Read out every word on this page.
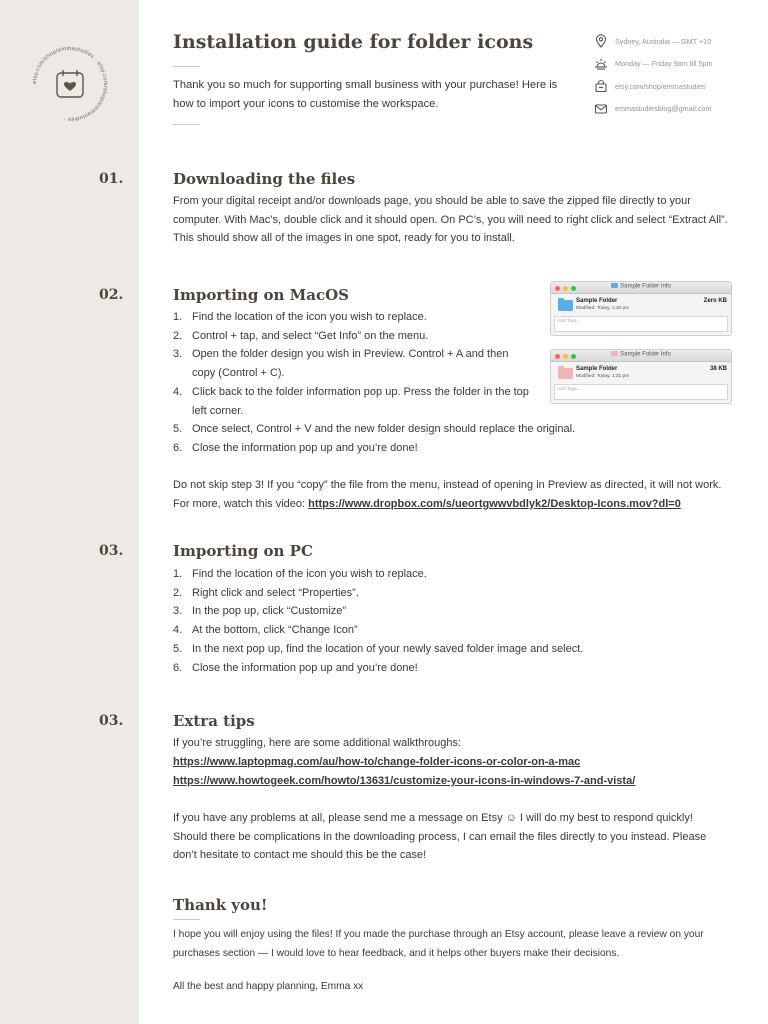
etsy.com/shop/emmastudies · etsy.com/shop/emmastudies ·
Installation guide for folder icons
Thank you so much for supporting small business with your purchase! Here is how to import your icons to customise the workspace.
Sydney, Australia — GMT +10
Monday — Friday 9am till 5pm
etsy.com/shop/emmastudies
emmastudiesblog@gmail.com
01.	Downloading the files
From your digital receipt and/or downloads page, you should be able to save the zipped file directly to your computer. With Mac’s, double click and it should open. On PC’s, you will need to right click and select “Extract All”. This should show all of the images in one spot, ready for you to install.
02.	Importing on MacOS
1. Find the location of the icon you wish to replace.
2. Control + tap, and select “Get Info” on the menu.
3. Open the folder design you wish in Preview. Control + A and then copy (Control + C).
4. Click back to the folder information pop up. Press the folder in the top left corner.
5. Once select, Control + V and the new folder design should replace the original.
6. Close the information pop up and you’re done!
Sample Folder Info
Sample Folder
Modified: Today, 1:30 pm
Zero KB
Add Tags...
Sample Folder Info
Sample Folder
Modified: Today, 1:31 pm
38 KB
Add Tags...
Do not skip step 3! If you “copy” the file from the menu, instead of opening in Preview as directed, it will not work. For more, watch this video: https://www.dropbox.com/s/ueortgwwvbdlyk2/Desktop-Icons.mov?dl=0
03.	Importing on PC
1. Find the location of the icon you wish to replace.
2. Right click and select “Properties”.
3. In the pop up, click “Customize”
4. At the bottom, click “Change Icon”
5. In the next pop up, find the location of your newly saved folder image and select.
6. Close the information pop up and you’re done!
03.	Extra tips
If you’re struggling, here are some additional walkthroughs:
https://www.laptopmag.com/au/how-to/change-folder-icons-or-color-on-a-mac
https://www.howtogeek.com/howto/13631/customize-your-icons-in-windows-7-and-vista/
If you have any problems at all, please send me a message on Etsy ☺ I will do my best to respond quickly! Should there be complications in the downloading process, I can email the files directly to you instead. Please don’t hesitate to contact me should this be the case!
Thank you!
I hope you will enjoy using the files! If you made the purchase through an Etsy account, please leave a review on your purchases section — I would love to hear feedback, and it helps other buyers make their decisions.
All the best and happy planning, Emma xx
